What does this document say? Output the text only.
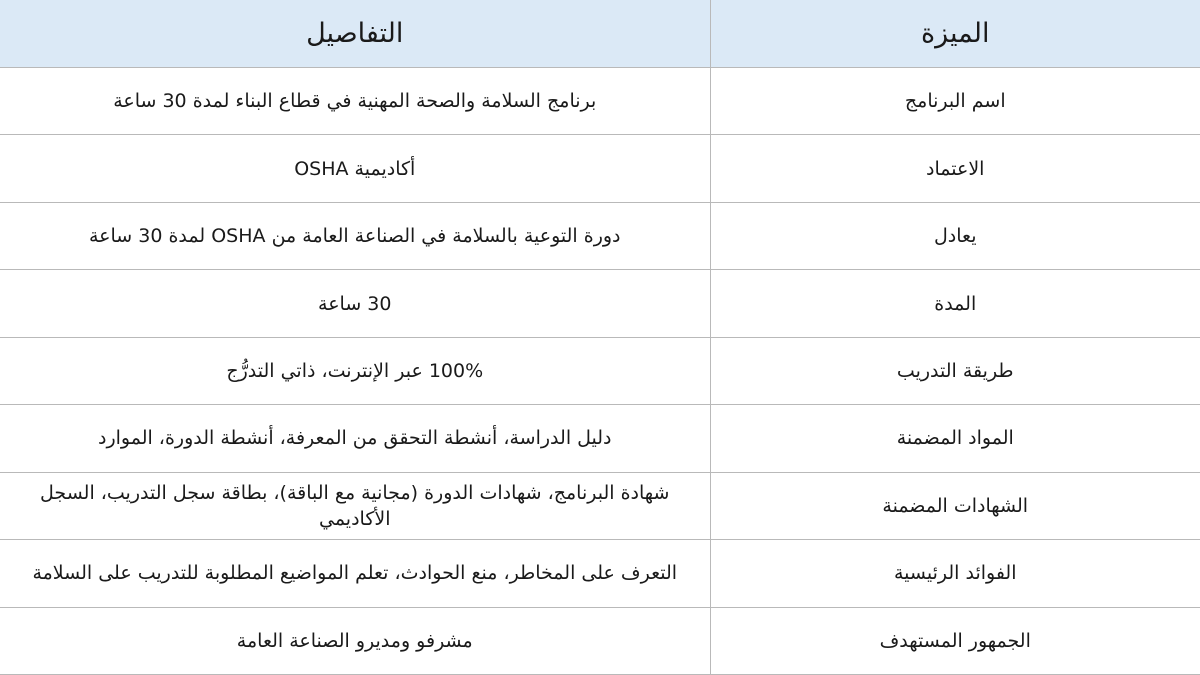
الميزة	التفاصيل
اسم البرنامج	برنامج السلامة والصحة المهنية في قطاع البناء لمدة 30 ساعة
الاعتماد	أكاديمية OSHA
يعادل	دورة التوعية بالسلامة في الصناعة العامة من OSHA لمدة 30 ساعة
المدة	30 ساعة
طريقة التدريب	100% عبر الإنترنت، ذاتي التدرُّج
المواد المضمنة	دليل الدراسة، أنشطة التحقق من المعرفة، أنشطة الدورة، الموارد
الشهادات المضمنة	شهادة البرنامج، شهادات الدورة (مجانية مع الباقة)، بطاقة سجل التدريب، السجل الأكاديمي
الفوائد الرئيسية	التعرف على المخاطر، منع الحوادث، تعلم المواضيع المطلوبة للتدريب على السلامة
الجمهور المستهدف	مشرفو ومديرو الصناعة العامة
